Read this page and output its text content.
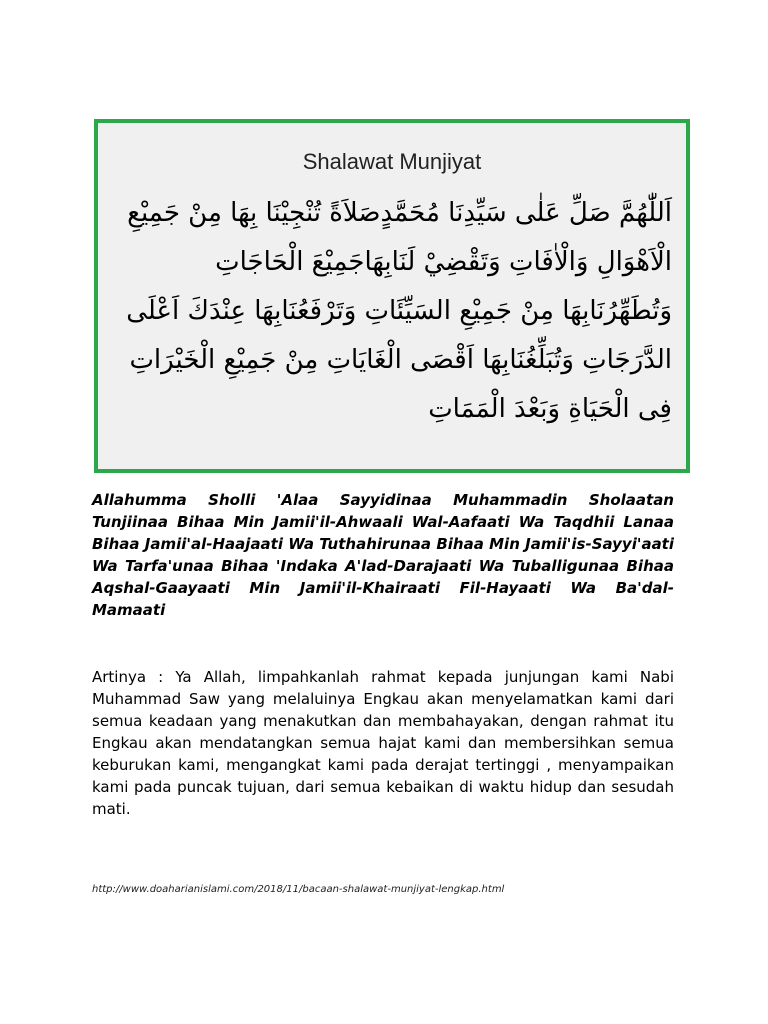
Shalawat Munjiyat
اَللّٰهُمَّ صَلِّ عَلٰى سَيِّدِنَا مُحَمَّدٍصَلاَةً تُنْجِيْنَا بِهَا مِنْ جَمِيْعِ
الْاَهْوَالِ وَالْاٰفَاتِ وَتَقْضِيْ لَنَابِهَاجَمِيْعَ الْحَاجَاتِ
وَتُطَهِّرُنَابِهَا مِنْ جَمِيْعِ السَيِّئَاتِ وَتَرْفَعُنَابِهَا عِنْدَكَ اَعْلَى
الدَّرَجَاتِ وَتُبَلِّغُنَابِهَا اَقْصَى الْغَايَاتِ مِنْ جَمِيْعِ الْخَيْرَاتِ
فِى الْحَيَاةِ وَبَعْدَ الْمَمَاتِ
Allahumma Sholli 'Alaa Sayyidinaa Muhammadin Sholaatan Tunjiinaa Bihaa Min Jamii'il-Ahwaali Wal-Aafaati Wa Taqdhii Lanaa Bihaa Jamii'al-Haajaati Wa Tuthahirunaa Bihaa Min Jamii'is-Sayyi'aati Wa Tarfa'unaa Bihaa 'Indaka A'lad-Darajaati Wa Tuballigunaa Bihaa Aqshal-Gaayaati Min Jamii'il-Khairaati Fil-Hayaati Wa Ba'dal-Mamaati
Artinya : Ya Allah, limpahkanlah rahmat kepada junjungan kami Nabi Muhammad Saw yang melaluinya Engkau akan menyelamatkan kami dari semua keadaan yang menakutkan dan membahayakan, dengan rahmat itu Engkau akan mendatangkan semua hajat kami dan membersihkan semua keburukan kami, mengangkat kami pada derajat tertinggi , menyampaikan kami pada puncak tujuan, dari semua kebaikan di waktu hidup dan sesudah mati.
http://www.doaharianislami.com/2018/11/bacaan-shalawat-munjiyat-lengkap.html
